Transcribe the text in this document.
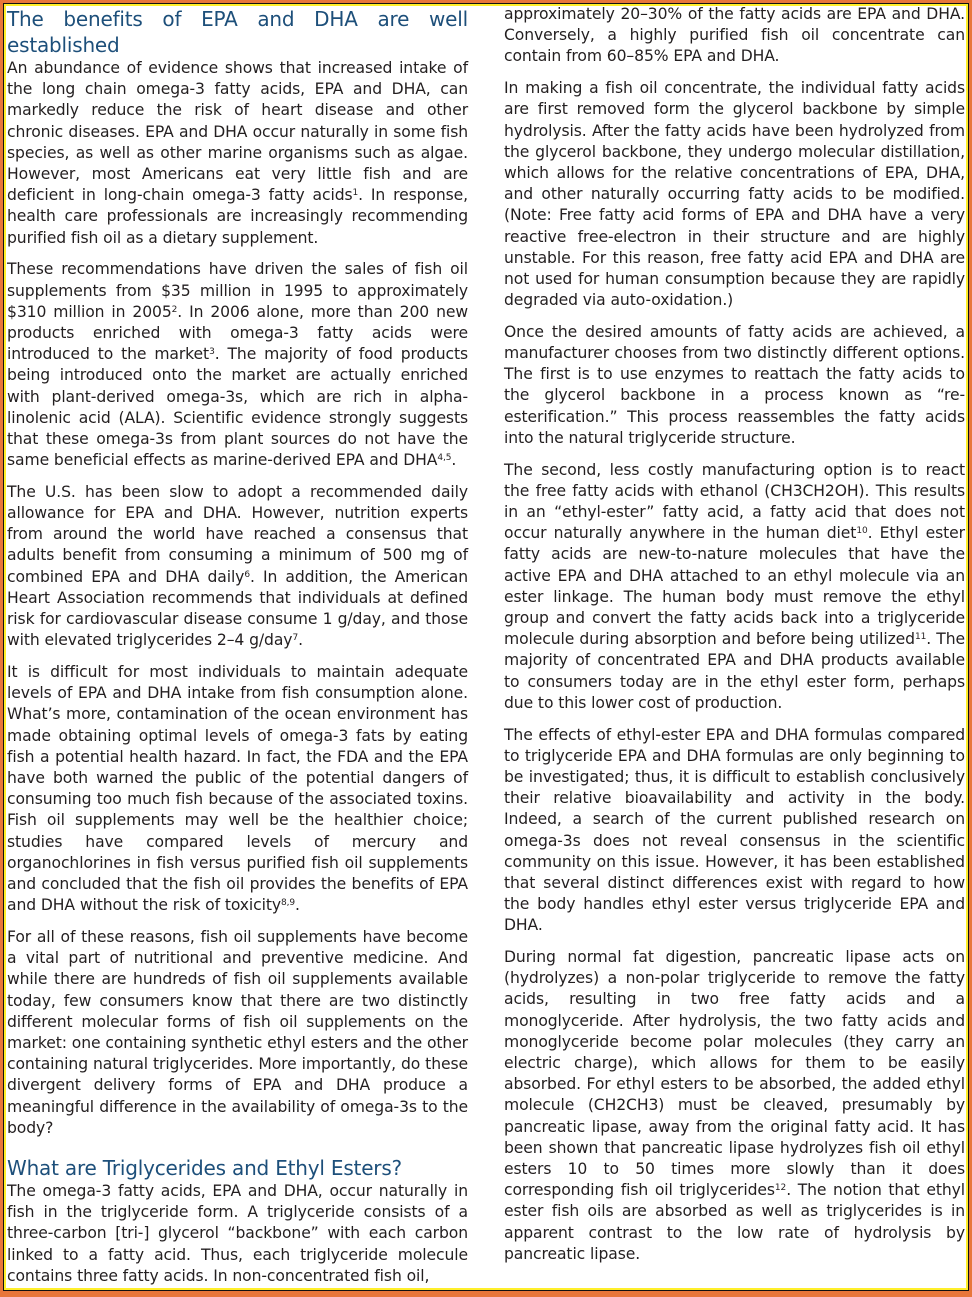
The benefits of EPA and DHA are well established

An abundance of evidence shows that increased intake of the long chain omega-3 fatty acids, EPA and DHA, can markedly reduce the risk of heart disease and other chronic diseases. EPA and DHA occur naturally in some fish species, as well as other marine organisms such as algae. However, most Americans eat very little fish and are deficient in long-chain omega-3 fatty acids$^1$. In response, health care professionals are increasingly recommending purified fish oil as a dietary supplement.

These recommendations have driven the sales of fish oil supplements from $35 million in 1995 to approximately $310 million in 2005$^2$. In 2006 alone, more than 200 new products enriched with omega-3 fatty acids were introduced to the market$^3$. The majority of food products being introduced onto the market are actually enriched with plant-derived omega-3s, which are rich in alpha-linolenic acid (ALA). Scientific evidence strongly suggests that these omega-3s from plant sources do not have the same beneficial effects as marine-derived EPA and DHA$^{4,5}$.

The U.S. has been slow to adopt a recommended daily allowance for EPA and DHA. However, nutrition experts from around the world have reached a consensus that adults benefit from consuming a minimum of 500 mg of combined EPA and DHA daily$^6$. In addition, the American Heart Association recommends that individuals at defined risk for cardiovascular disease consume 1 g/day, and those with elevated triglycerides 2–4 g/day$^7$.

It is difficult for most individuals to maintain adequate levels of EPA and DHA intake from fish consumption alone. What’s more, contamination of the ocean environment has made obtaining optimal levels of omega-3 fats by eating fish a potential health hazard. In fact, the FDA and the EPA have both warned the public of the potential dangers of consuming too much fish because of the associated toxins. Fish oil supplements may well be the healthier choice; studies have compared levels of mercury and organochlorines in fish versus purified fish oil supplements and concluded that the fish oil provides the benefits of EPA and DHA without the risk of toxicity$^{8,9}$.

For all of these reasons, fish oil supplements have become a vital part of nutritional and preventive medicine. And while there are hundreds of fish oil supplements available today, few consumers know that there are two distinctly different molecular forms of fish oil supplements on the market: one containing synthetic ethyl esters and the other containing natural triglycerides. More importantly, do these divergent delivery forms of EPA and DHA produce a meaningful difference in the availability of omega-3s to the body?

What are Triglycerides and Ethyl Esters?

The omega-3 fatty acids, EPA and DHA, occur naturally in fish in the triglyceride form. A triglyceride consists of a three-carbon [tri-] glycerol “backbone” with each carbon linked to a fatty acid. Thus, each triglyceride molecule contains three fatty acids. In non-concentrated fish oil,

approximately 20–30% of the fatty acids are EPA and DHA. Conversely, a highly purified fish oil concentrate can contain from 60–85% EPA and DHA.

In making a fish oil concentrate, the individual fatty acids are first removed form the glycerol backbone by simple hydrolysis. After the fatty acids have been hydrolyzed from the glycerol backbone, they undergo molecular distillation, which allows for the relative concentrations of EPA, DHA, and other naturally occurring fatty acids to be modified. (Note: Free fatty acid forms of EPA and DHA have a very reactive free-electron in their structure and are highly unstable. For this reason, free fatty acid EPA and DHA are not used for human consumption because they are rapidly degraded via auto-oxidation.)

Once the desired amounts of fatty acids are achieved, a manufacturer chooses from two distinctly different options. The first is to use enzymes to reattach the fatty acids to the glycerol backbone in a process known as “re-esterification.” This process reassembles the fatty acids into the natural triglyceride structure.

The second, less costly manufacturing option is to react the free fatty acids with ethanol (CH3CH2OH). This results in an “ethyl-ester” fatty acid, a fatty acid that does not occur naturally anywhere in the human diet$^{10}$. Ethyl ester fatty acids are new-to-nature molecules that have the active EPA and DHA attached to an ethyl molecule via an ester linkage. The human body must remove the ethyl group and convert the fatty acids back into a triglyceride molecule during absorption and before being utilized$^{11}$. The majority of concentrated EPA and DHA products available to consumers today are in the ethyl ester form, perhaps due to this lower cost of production.

The effects of ethyl-ester EPA and DHA formulas compared to triglyceride EPA and DHA formulas are only beginning to be investigated; thus, it is difficult to establish conclusively their relative bioavailability and activity in the body. Indeed, a search of the current published research on omega-3s does not reveal consensus in the scientific community on this issue. However, it has been established that several distinct differences exist with regard to how the body handles ethyl ester versus triglyceride EPA and DHA.

During normal fat digestion, pancreatic lipase acts on (hydrolyzes) a non-polar triglyceride to remove the fatty acids, resulting in two free fatty acids and a monoglyceride. After hydrolysis, the two fatty acids and monoglyceride become polar molecules (they carry an electric charge), which allows for them to be easily absorbed. For ethyl esters to be absorbed, the added ethyl molecule (CH2CH3) must be cleaved, presumably by pancreatic lipase, away from the original fatty acid. It has been shown that pancreatic lipase hydrolyzes fish oil ethyl esters 10 to 50 times more slowly than it does corresponding fish oil triglycerides$^{12}$. The notion that ethyl ester fish oils are absorbed as well as triglycerides is in apparent contrast to the low rate of hydrolysis by pancreatic lipase.
